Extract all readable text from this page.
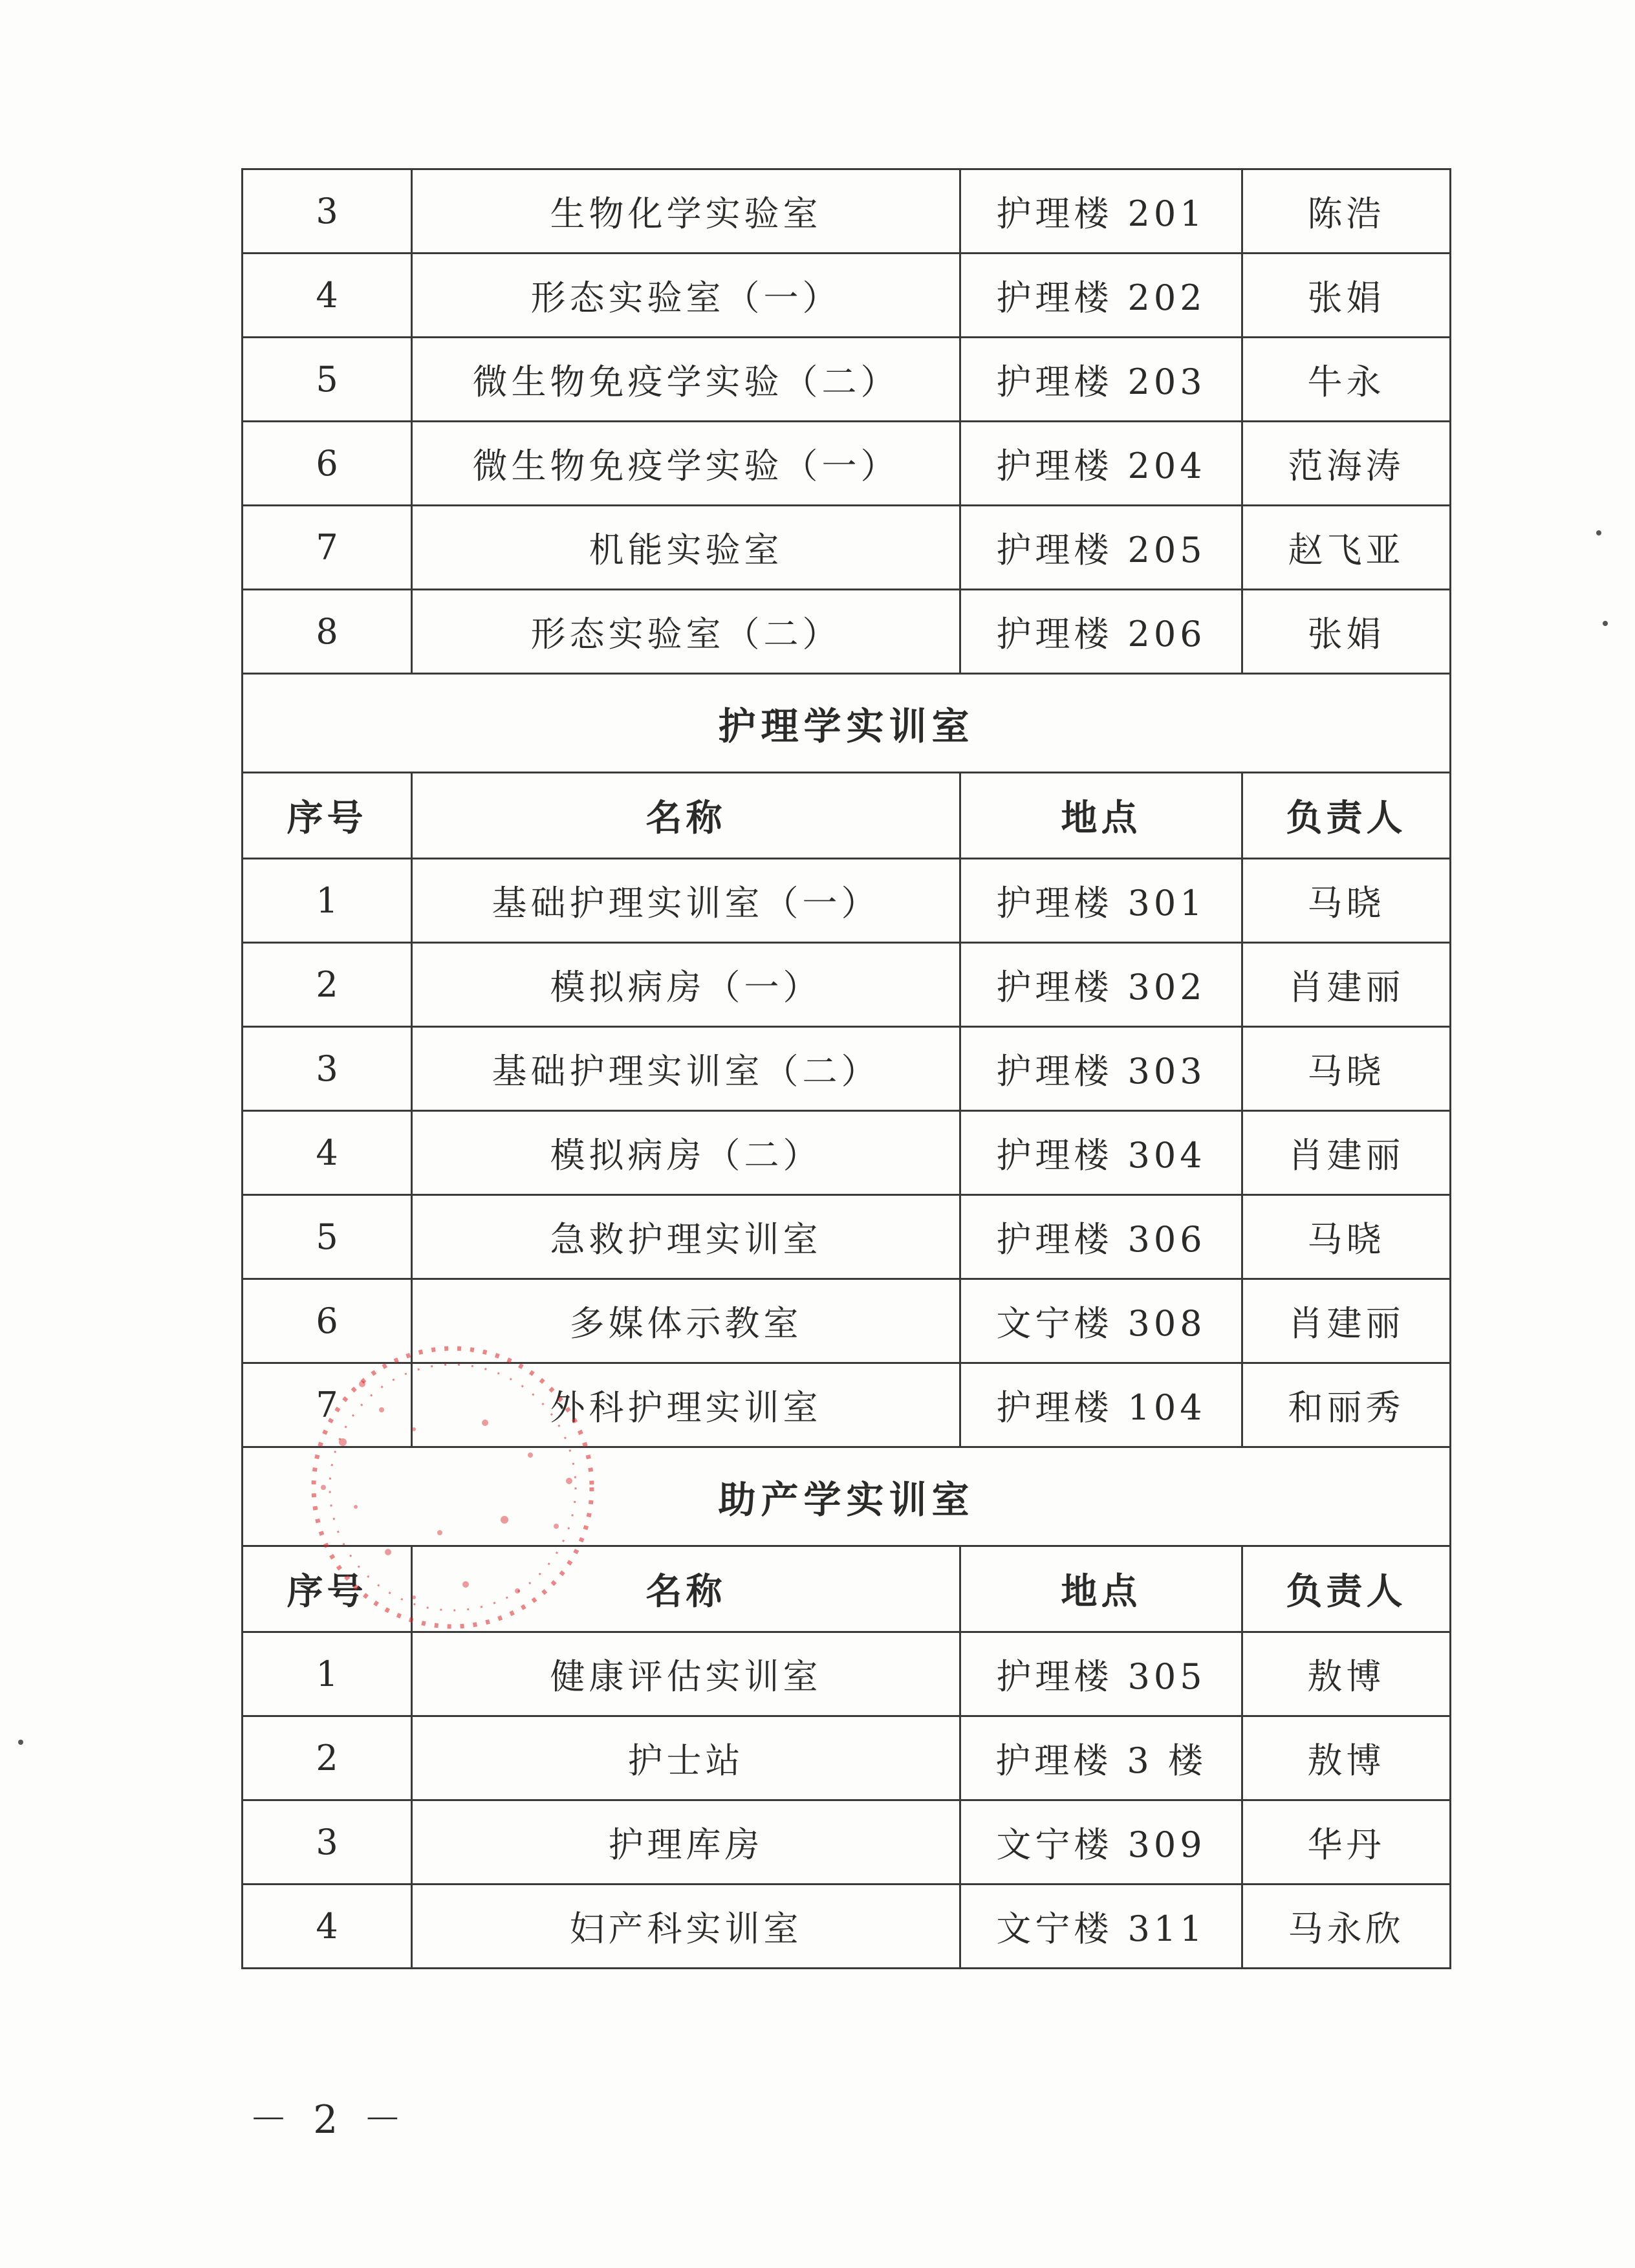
3	生物化学实验室	护理楼 201	陈浩
4	形态实验室（一）	护理楼 202	张娟
5	微生物免疫学实验（二）	护理楼 203	牛永
6	微生物免疫学实验（一）	护理楼 204	范海涛
7	机能实验室	护理楼 205	赵飞亚
8	形态实验室（二）	护理楼 206	张娟
护理学实训室			
序号	名称	地点	负责人
1	基础护理实训室（一）	护理楼 301	马晓
2	模拟病房（一）	护理楼 302	肖建丽
3	基础护理实训室（二）	护理楼 303	马晓
4	模拟病房（二）	护理楼 304	肖建丽
5	急救护理实训室	护理楼 306	马晓
6	多媒体示教室	文宁楼 308	肖建丽
7	外科护理实训室	护理楼 104	和丽秀
助产学实训室			
序号	名称	地点	负责人
1	健康评估实训室	护理楼 305	敖博
2	护士站	护理楼 3 楼	敖博
3	护理库房	文宁楼 309	华丹
4	妇产科实训室	文宁楼 311	马永欣
－ 2 －
